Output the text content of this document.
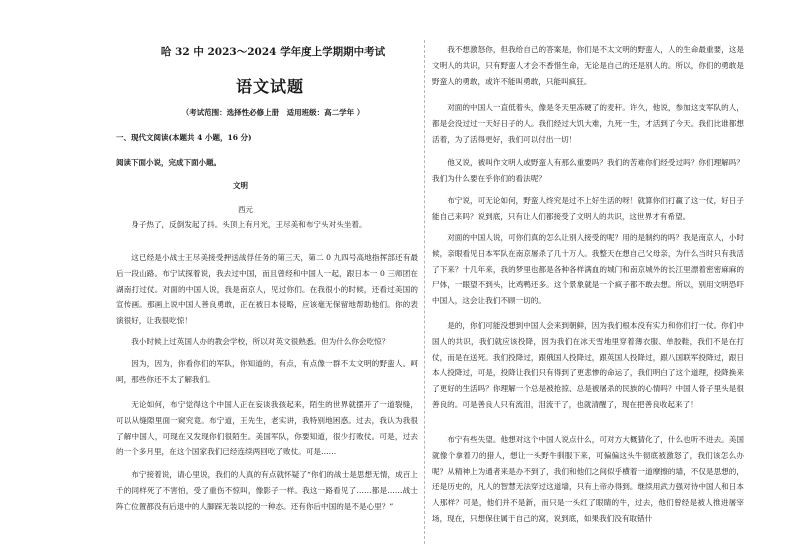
哈 32 中 2023～2024 学年度上学期期中考试
语文试题
（考试范围：选择性必修上册　适用班级：高二学年 ）
一、现代文阅读(本题共 4 小题，16 分)
阅读下面小说，完成下面小题。
文明
西元

身子热了，反倒发起了抖。头顶上有月光，王尽美和布宁头对头坐着。

这已经是小战士王尽美接受押送战俘任务的第三天，第二 0 九四号高地指挥部还有最后一段山路。布宁试探着说，我去过中国，而且曾经和中国人一起，跟日本一 0 三师团在湖南打过仗。对面的中国人说，我是南京人，见过你们。在我很小的时候，还看过美国的宣传画。那画上说中国人善良勇敢，正在被日本侵略，应该毫无保留地帮助他们。你的表演很好，让我很吃惊！

我小时候上过英国人办的教会学校，所以对英文很熟悉。但为什么你会吃惊？

因为，因为，你看你们的军队，你知道的，有点，有点像一群不太文明的野蛮人。呵呵，那些你还不太了解我们。

无论如何，布宁觉得这个中国人正在妄谈我孩起来，陌生的世界就摆开了一道裂缝，可以从缝隙里面一窥究竟。布宁道，王先生，老实讲，我特别地困惑。过去，我认为我很了解中国人，可现在又发现你们很陌生。美国军队，你要知道，很少打败仗。可是，过去的一个多月里，在这个国家我们已经连续两回吃了败仗。可是……

布宁接着说，请心里说，我们的人真的有点就怀疑了“你们的战士是思想无情，成百上千的同样死了不害怕，受了重伤不惊叫，像影子一样。我这一路看见了……都是……战士阵亡位置都没有后退中的人脚踩无装以挖的一种态。还有你后中国的是不是心里？”

我不想激怒你，但我给自己的答案是，你们是不太文明的野蛮人，人的生命最重要，这是文明人的共识，只有野蛮人才会不香惜生命，无论是自己的还是别人的。所以，你们的勇敢是野蛮人的勇敢，或许不能叫勇敢，只能叫疯狂。

对面的中国人一直低着头，像是冬天里冻硬了的麦秆。许久，他说，参加这支军队的人，都是会没过过一天好日子的人。我们经过大饥大难，九死一生，才活到了今天。我们比谁都想活着，为了活得更好，我们可以付出一切！

他又说，被叫作文明人或野蛮人有那么重要吗？我们的苦难你们经受过吗？你们理解吗？我们为什么要在乎你们的看法呢？

布宁说，可无论如何，野蛮人终究是过不上好生活的呀！就算你们打赢了这一仗，好日子能自己来吗？说到底，只有让人们都接受了文明人的共识，这世界才有希望。

对面的中国人说，可你们真的怎么让别人接受的呢？用的是制约的吗？我是南京人，小时候，亲眼看见日本军队在南京屠杀了几十万人。我整天在想自己父母亲，为什么当时只有我活了下来？十几年来，我的梦里也都是各种各样满血的城门和南京城外的长江里漂着密密麻麻的尸体，一眼望不到头，比鸡鸭还多。这个景象就是一个疯子都不敢去想。所以，别用文明恐吓中国人，这会让我们不顾一切的。

是的，你们可能没想到中国人会来到朝鲜，因为我们根本没有实力和你们打一仗。你们中国人的共识，我们就应该投降，因为我们在冰天雪地里穿着薄衣服、单胶鞋，我们不是在打仗，而是在送死。我们投降过，跟俄国人投降过，跟英国人投降过，跟八国联军投降过，跟日本人投降过，可是，投降让我们只有得到了更悲惨的命运了，我们明白了这个道理，投降换来了更好的生活吗？你理解一个总是被抢掠、总是被屠杀的民族的心情吗？中国人骨子里头是很善良的。可是善良人只有流泪，泪流干了，也就清醒了，现在把善良收起来了！

布宁有些失望。他想对这个中国人说点什么，可对方大概猜化了，什么也听不进去。美国就像个拿着刀的猎人，想让一头野牛驯服下来，可偏偏这头牛彻底被激怒了，我们该怎么办呢？从精神上为通者来是办不到了，我们和他们之间似乎横着一道摩擦的墙，不仅是思想的，还是历史的，凡人的智慧无法穿过这道墙，只有上帝办得到。继续用武力强对待中国人和日本人那样？可是，他们并不是新，而只是一头红了眼睛的牛，过去，他们曾经是被人推进屠宰场，现在，只想保住属于自己的窝，说到底，如果我们没有取错什
